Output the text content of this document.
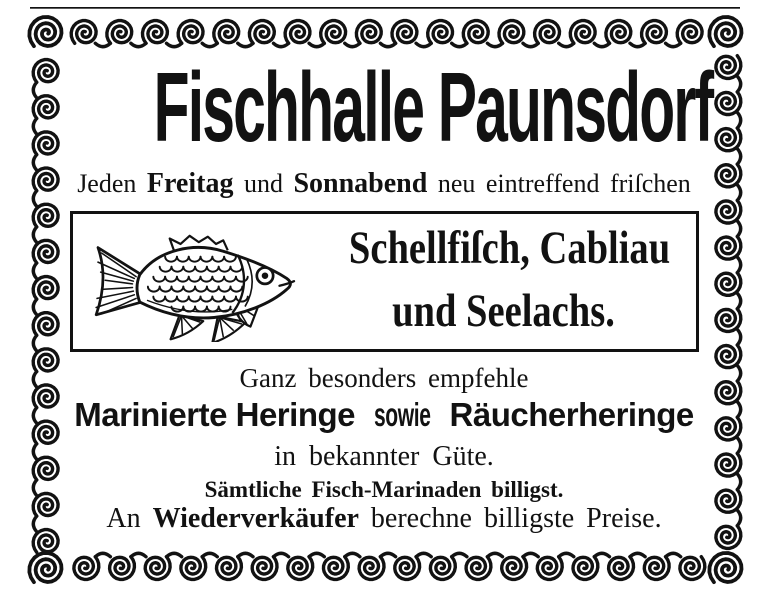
Fischhalle Paunsdorf
Jeden Freitag und Sonnabend neu eintreffend friſchen
Schellfiſch, Cabliau
und Seelachs.
Ganz besonders empfehle
Marinierte Heringe sowie Räucherheringe
in bekannter Güte.
Sämtliche Fisch-Marinaden billigst.
An Wiederverkäufer berechne billigste Preise.
